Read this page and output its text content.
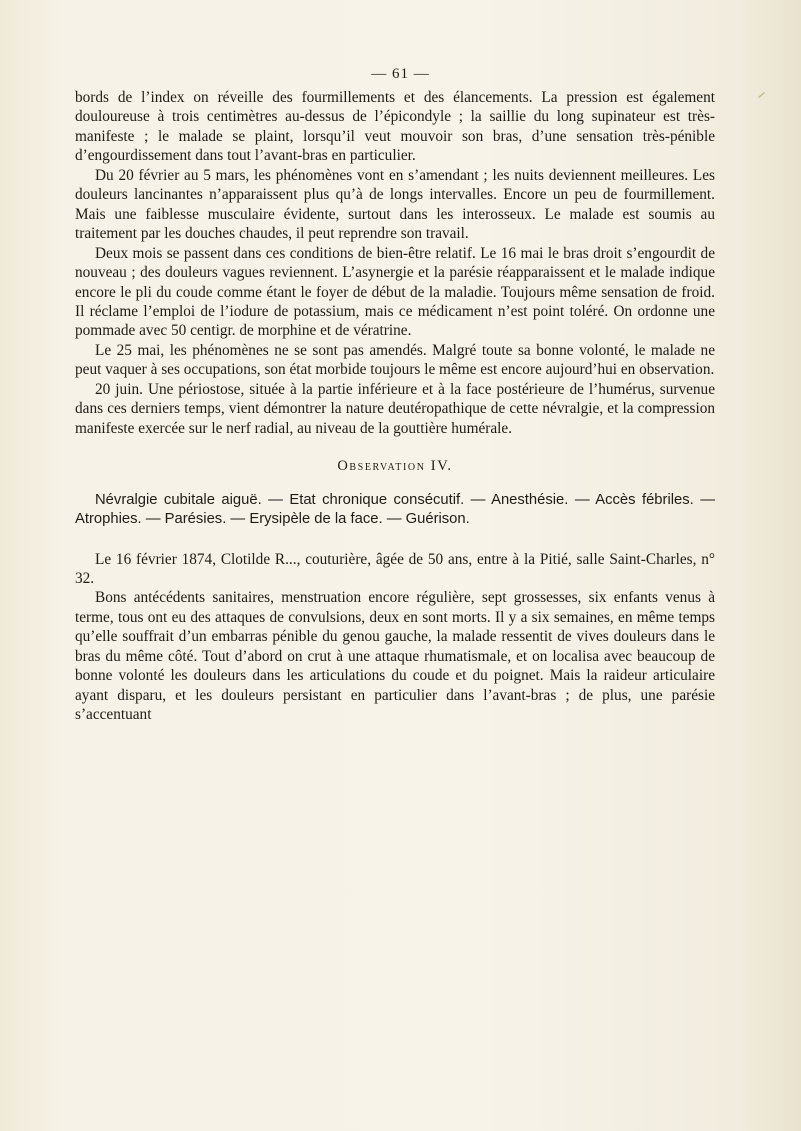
— 61 —

bords de l’index on réveille des fourmillements et des élancements. La pression est également douloureuse à trois centimètres au-dessus de l’épicondyle ; la saillie du long supinateur est très-manifeste ; le malade se plaint, lorsqu’il veut mouvoir son bras, d’une sensation très-pénible d’engourdissement dans tout l’avant-bras en particulier.

Du 20 février au 5 mars, les phénomènes vont en s’amendant ; les nuits deviennent meilleures. Les douleurs lancinantes n’apparaissent plus qu’à de longs intervalles. Encore un peu de fourmillement. Mais une faiblesse musculaire évidente, surtout dans les interosseux. Le malade est soumis au traitement par les douches chaudes, il peut reprendre son travail.

Deux mois se passent dans ces conditions de bien-être relatif. Le 16 mai le bras droit s’engourdit de nouveau ; des douleurs vagues reviennent. L’asynergie et la parésie réapparaissent et le malade indique encore le pli du coude comme étant le foyer de début de la maladie. Toujours même sensation de froid. Il réclame l’emploi de l’iodure de potassium, mais ce médicament n’est point toléré. On ordonne une pommade avec 50 centigr. de morphine et de vératrine.

Le 25 mai, les phénomènes ne se sont pas amendés. Malgré toute sa bonne volonté, le malade ne peut vaquer à ses occupations, son état morbide toujours le même est encore aujourd’hui en observation.

20 juin. Une périostose, située à la partie inférieure et à la face postérieure de l’humérus, survenue dans ces derniers temps, vient démontrer la nature deutéropathique de cette névralgie, et la compression manifeste exercée sur le nerf radial, au niveau de la gouttière humérale.

Observation IV.

Névralgie cubitale aiguë. — Etat chronique consécutif. — Anesthésie. — Accès fébriles. — Atrophies. — Parésies. — Erysipèle de la face. — Guérison.

Le 16 février 1874, Clotilde R..., couturière, âgée de 50 ans, entre à la Pitié, salle Saint-Charles, n° 32.

Bons antécédents sanitaires, menstruation encore régulière, sept grossesses, six enfants venus à terme, tous ont eu des attaques de convulsions, deux en sont morts. Il y a six semaines, en même temps qu’elle souffrait d’un embarras pénible du genou gauche, la malade ressentit de vives douleurs dans le bras du même côté. Tout d’abord on crut à une attaque rhumatismale, et on localisa avec beaucoup de bonne volonté les douleurs dans les articulations du coude et du poignet. Mais la raideur articulaire ayant disparu, et les douleurs persistant en particulier dans l’avant-bras ; de plus, une parésie s’accentuant
